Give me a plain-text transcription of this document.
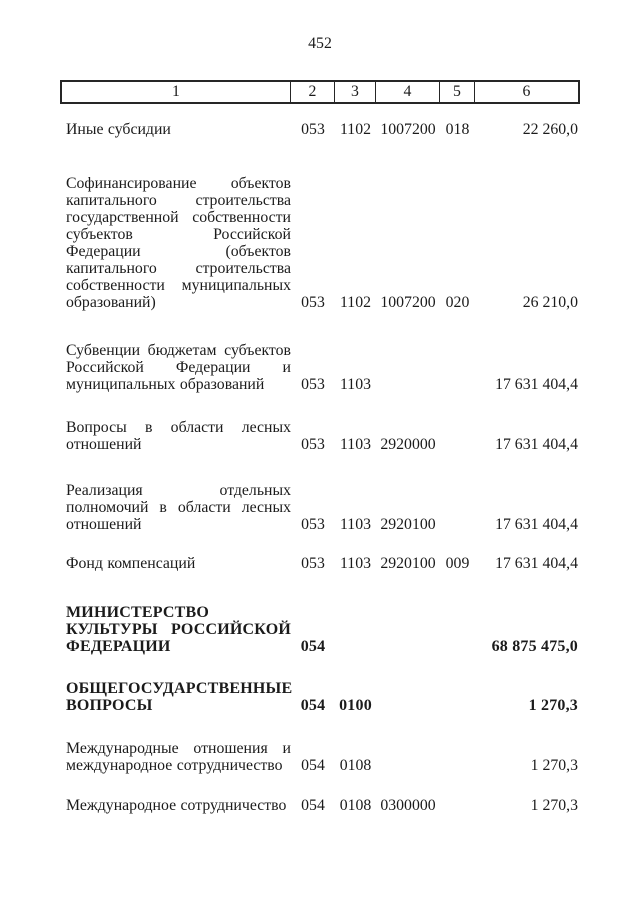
452
1	2	3	4	5	6
Иные субсидии	053 1102 1007200 018	22 260,0
Софинансирование объектов капитального строительства государственной собственности субъектов Российской Федерации (объектов капитального строительства собственности муниципальных образований)	053 1102 1007200 020	26 210,0
Субвенции бюджетам субъектов Российской Федерации и муниципальных образований	053 1103	17 631 404,4
Вопросы в области лесных отношений	053 1103 2920000	17 631 404,4
Реализация отдельных полномочий в области лесных отношений	053 1103 2920100	17 631 404,4
Фонд компенсаций	053 1103 2920100 009	17 631 404,4
МИНИСТЕРСТВО КУЛЬТУРЫ РОССИЙСКОЙ ФЕДЕРАЦИИ	054	68 875 475,0
ОБЩЕГОСУДАРСТВЕННЫЕ ВОПРОСЫ	054 0100	1 270,3
Международные отношения и международное сотрудничество	054 0108	1 270,3
Международное сотрудничество 054 0108 0300000	1 270,3
